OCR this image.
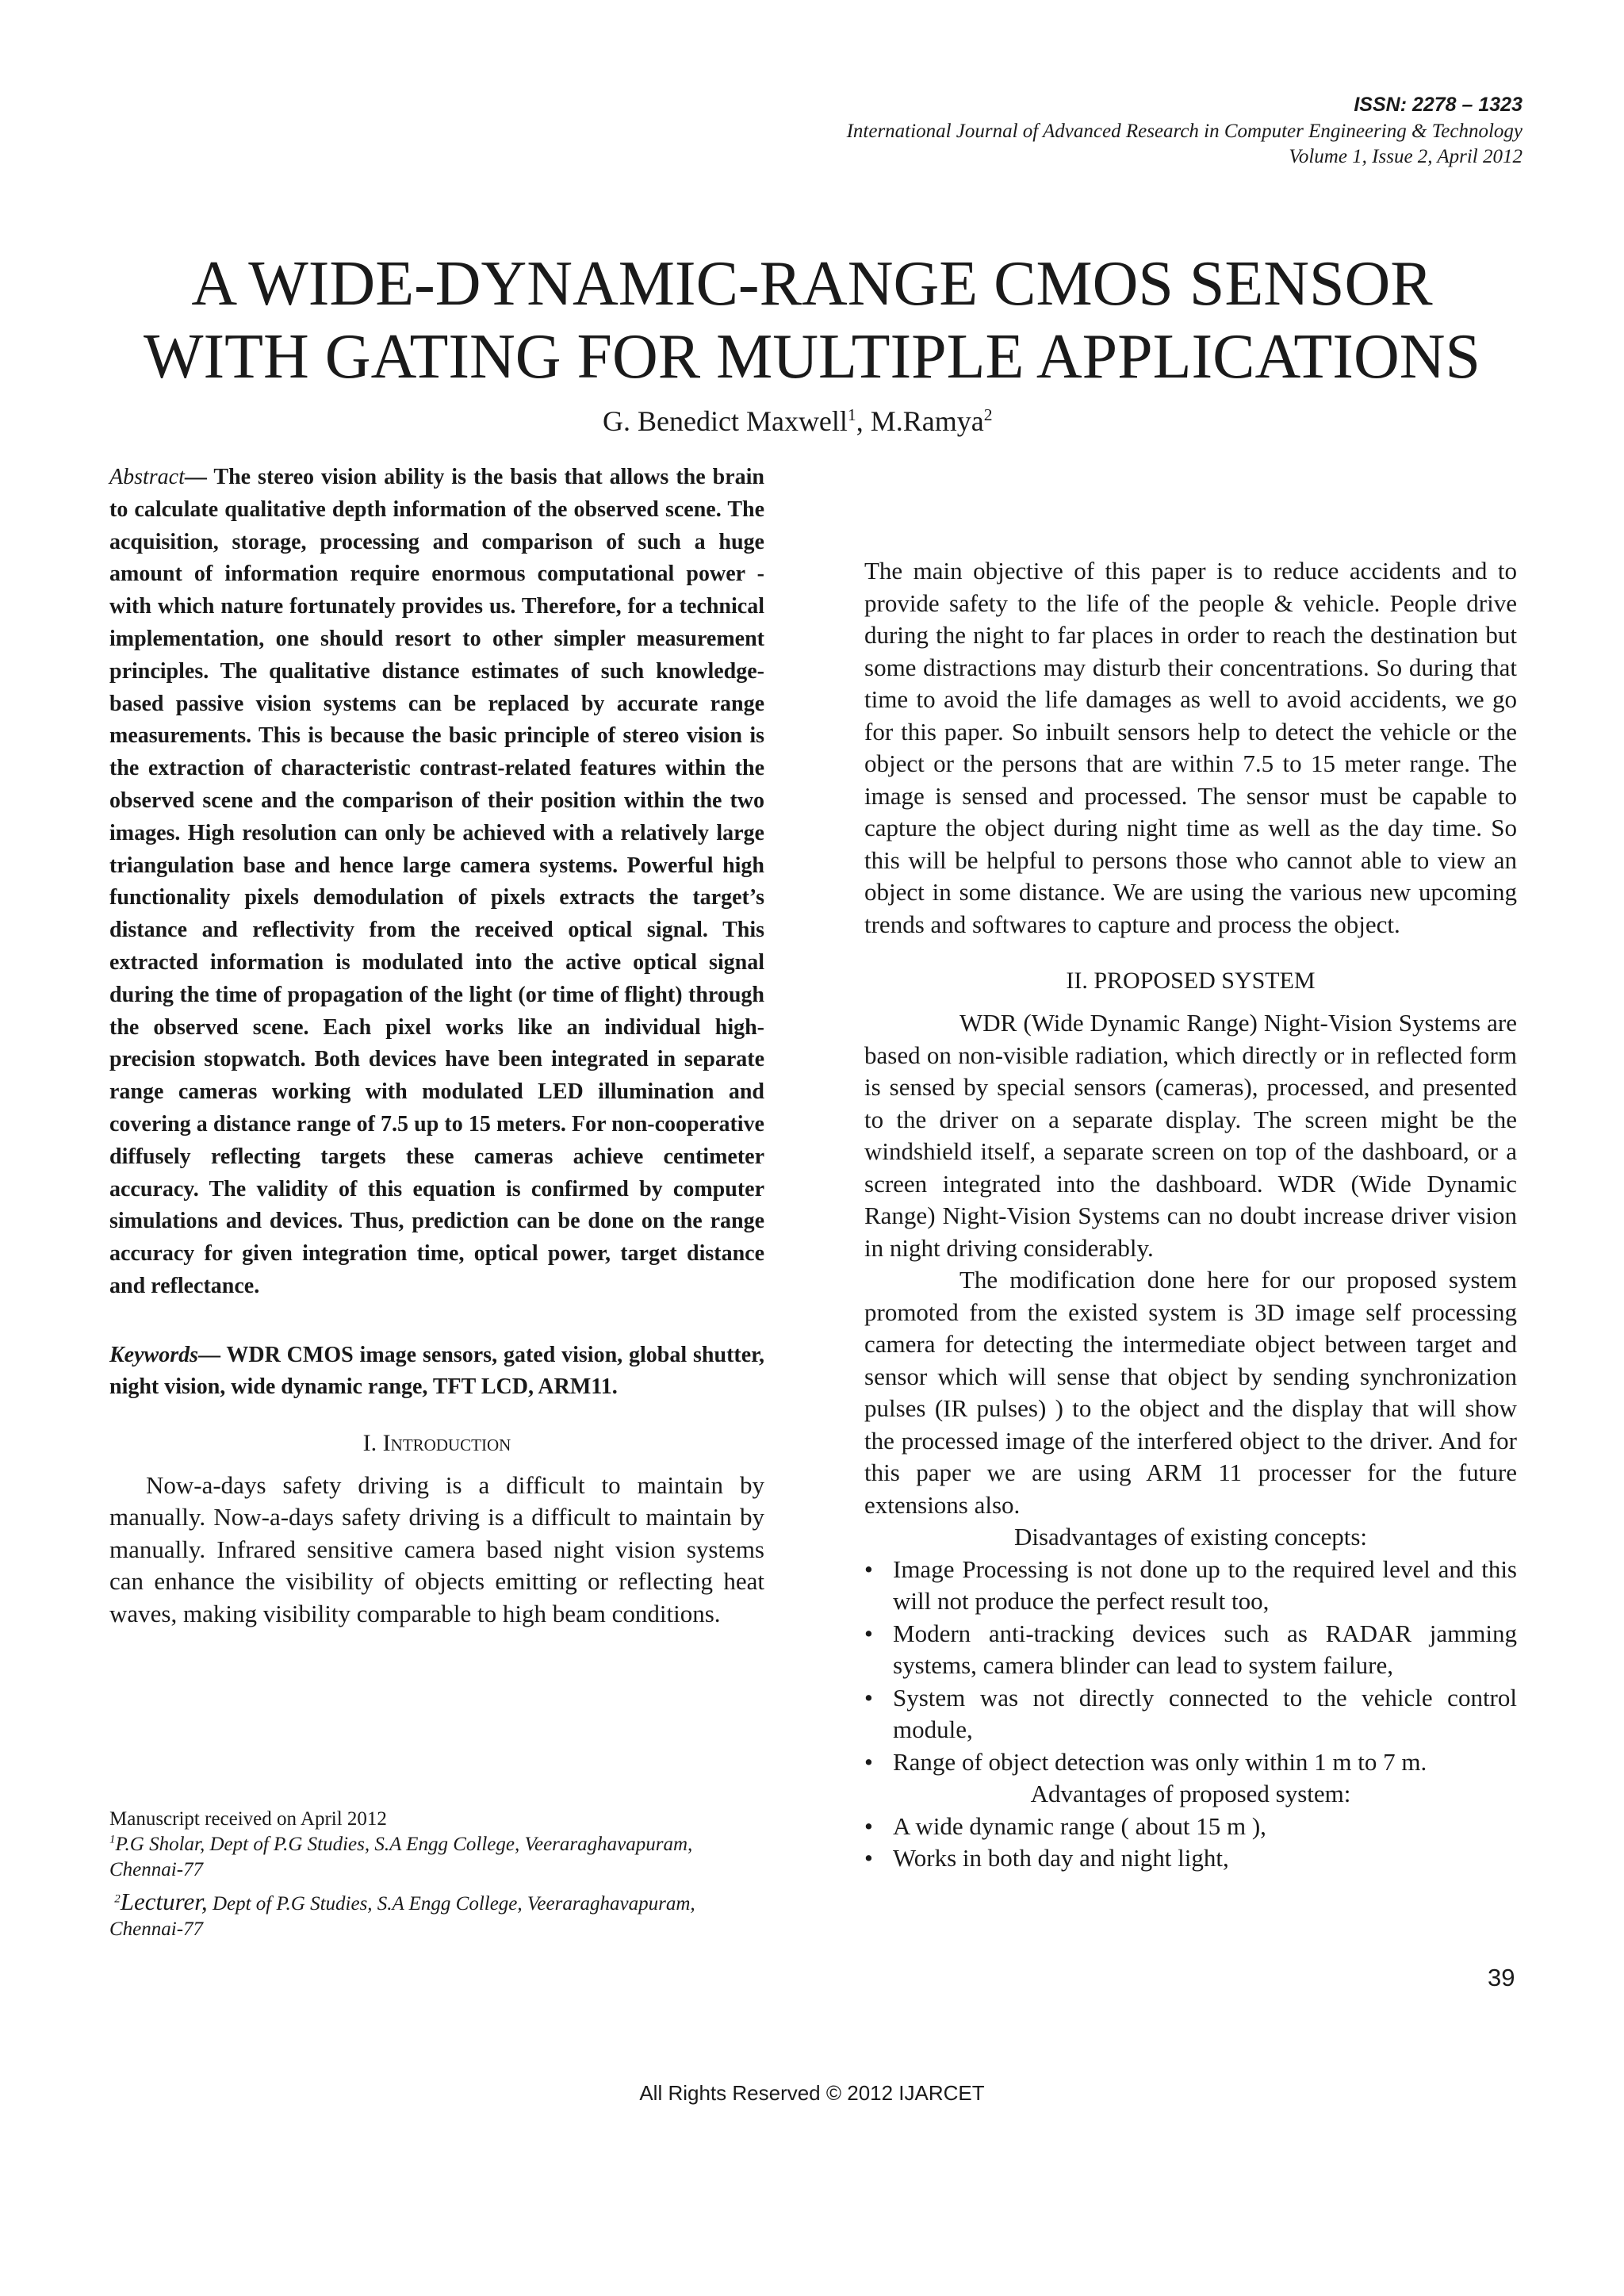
ISSN: 2278 – 1323
International Journal of Advanced Research in Computer Engineering & Technology
Volume 1, Issue 2, April 2012
A WIDE-DYNAMIC-RANGE CMOS SENSOR
WITH GATING FOR MULTIPLE APPLICATIONS
G. Benedict Maxwell$^1$, M.Ramya$^2$

Abstract— The stereo vision ability is the basis that allows the brain to calculate qualitative depth information of the observed scene. The acquisition, storage, processing and comparison of such a huge amount of information require enormous computational power - with which nature fortunately provides us. Therefore, for a technical implementation, one should resort to other simpler measurement principles. The qualitative distance estimates of such knowledge-based passive vision systems can be replaced by accurate range measurements. This is because the basic principle of stereo vision is the extraction of characteristic contrast-related features within the observed scene and the comparison of their position within the two images. High resolution can only be achieved with a relatively large triangulation base and hence large camera systems. Powerful high functionality pixels demodulation of pixels extracts the target’s distance and reflectivity from the received optical signal. This extracted information is modulated into the active optical signal during the time of propagation of the light (or time of flight) through the observed scene. Each pixel works like an individual high-precision stopwatch. Both devices have been integrated in separate range cameras working with modulated LED illumination and covering a distance range of 7.5 up to 15 meters. For non-cooperative diffusely reflecting targets these cameras achieve centimeter accuracy. The validity of this equation is confirmed by computer simulations and devices. Thus, prediction can be done on the range accuracy for given integration time, optical power, target distance and reflectance.

Keywords— WDR CMOS image sensors, gated vision, global shutter, night vision, wide dynamic range, TFT LCD, ARM11.

I. Introduction

Now-a-days safety driving is a difficult to maintain by manually. Now-a-days safety driving is a difficult to maintain by manually. Infrared sensitive camera based night vision systems can enhance the visibility of objects emitting or reflecting heat waves, making visibility comparable to high beam conditions.

Manuscript received on April 2012
$^1$P.G Sholar, Dept of P.G Studies, S.A Engg College, Veeraraghavapuram, Chennai-77
$^2$Lecturer, Dept of P.G Studies, S.A Engg College, Veeraraghavapuram, Chennai-77

The main objective of this paper is to reduce accidents and to provide safety to the life of the people & vehicle. People drive during the night to far places in order to reach the destination but some distractions may disturb their concentrations. So during that time to avoid the life damages as well to avoid accidents, we go for this paper. So inbuilt sensors help to detect the vehicle or the object or the persons that are within 7.5 to 15 meter range. The image is sensed and processed. The sensor must be capable to capture the object during night time as well as the day time. So this will be helpful to persons those who cannot able to view an object in some distance. We are using the various new upcoming trends and softwares to capture and process the object.

II. PROPOSED SYSTEM

WDR (Wide Dynamic Range) Night-Vision Systems are based on non-visible radiation, which directly or in reflected form is sensed by special sensors (cameras), processed, and presented to the driver on a separate display. The screen might be the windshield itself, a separate screen on top of the dashboard, or a screen integrated into the dashboard. WDR (Wide Dynamic Range) Night-Vision Systems can no doubt increase driver vision in night driving considerably.

The modification done here for our proposed system promoted from the existed system is 3D image self processing camera for detecting the intermediate object between target and sensor which will sense that object by sending synchronization pulses (IR pulses) ) to the object and the display that will show the processed image of the interfered object to the driver. And for this paper we are using ARM 11 processer for the future extensions also.

Disadvantages of existing concepts:

• Image Processing is not done up to the required level and this will not produce the perfect result too,
• Modern anti-tracking devices such as RADAR jamming systems, camera blinder can lead to system failure,
• System was not directly connected to the vehicle control module,
• Range of object detection was only within 1 m to 7 m.

Advantages of proposed system:

• A wide dynamic range ( about 15 m ),
• Works in both day and night light,
39
All Rights Reserved © 2012 IJARCET
